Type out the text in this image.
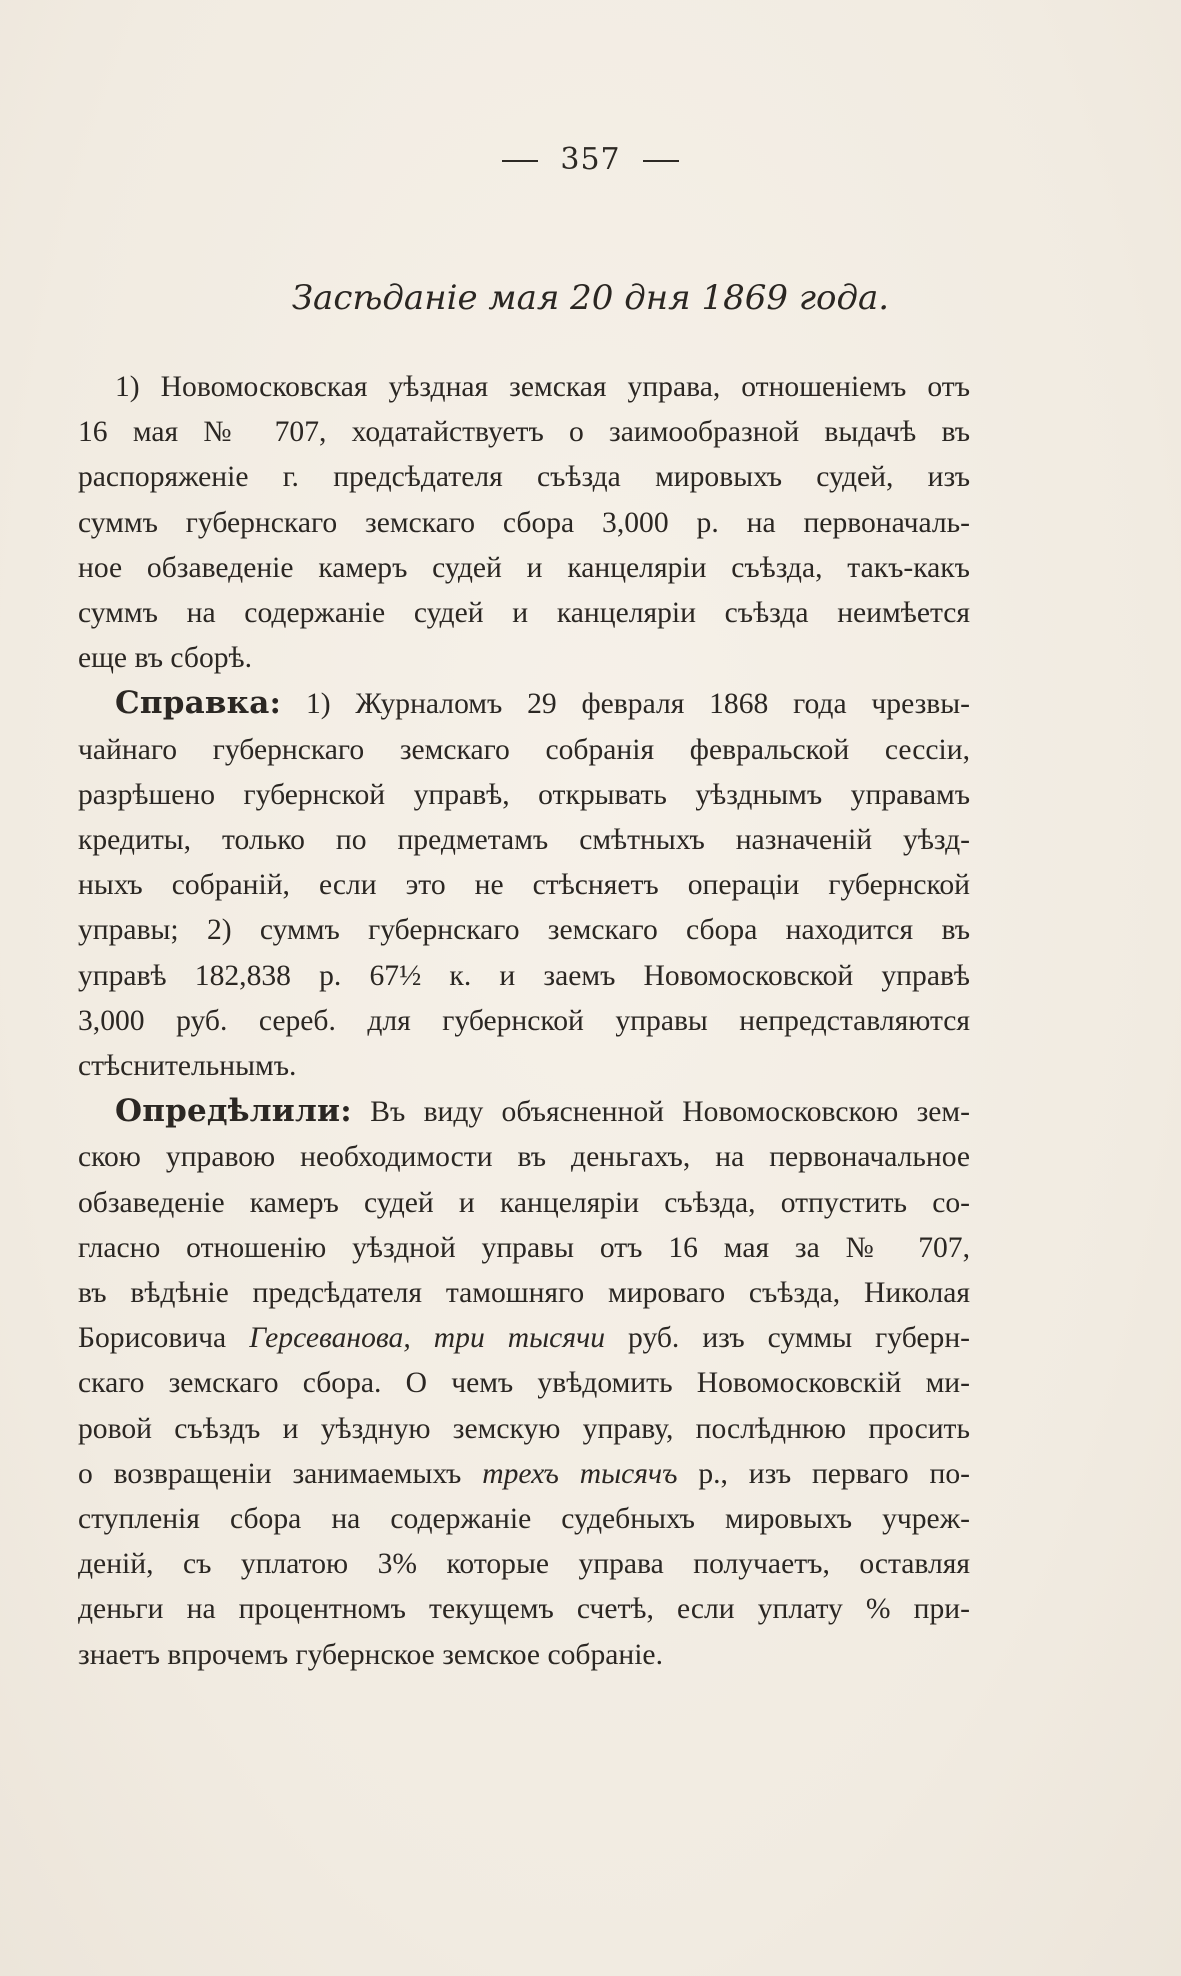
357
Засѣданіе мая 20 дня 1869 года.
1) Новомосковская уѣздная земская управа, отношеніемъ отъ
16 мая № 707, ходатайствуетъ о заимообразной выдачѣ въ
распоряженіе г. предсѣдателя съѣзда мировыхъ судей, изъ
суммъ губернскаго земскаго сбора 3,000 р. на первоначаль-
ное обзаведеніе камеръ судей и канцеляріи съѣзда, такъ-какъ
суммъ на содержаніе судей и канцеляріи съѣзда неимѣется
еще въ сборѣ.
Справка: 1) Журналомъ 29 февраля 1868 года чрезвы-
чайнаго губернскаго земскаго собранія февральской сессіи,
разрѣшено губернской управѣ, открывать уѣзднымъ управамъ
кредиты, только по предметамъ смѣтныхъ назначеній уѣзд-
ныхъ собраній, если это не стѣсняетъ операціи губернской
управы; 2) суммъ губернскаго земскаго сбора находится въ
управѣ 182,838 р. 67½ к. и заемъ Новомосковской управѣ
3,000 руб. сереб. для губернской управы непредставляются
стѣснительнымъ.
Опредѣлили: Въ виду объясненной Новомосковскою зем-
скою управою необходимости въ деньгахъ, на первоначальное
обзаведеніе камеръ судей и канцеляріи съѣзда, отпустить со-
гласно отношенію уѣздной управы отъ 16 мая за № 707,
въ вѣдѣніе предсѣдателя тамошняго мироваго съѣзда, Николая
Борисовича Герсеванова, три тысячи руб. изъ суммы губерн-
скаго земскаго сбора. О чемъ увѣдомить Новомосковскій ми-
ровой съѣздъ и уѣздную земскую управу, послѣднюю просить
о возвращеніи занимаемыхъ трехъ тысячъ р., изъ перваго по-
ступленія сбора на содержаніе судебныхъ мировыхъ учреж-
деній, съ уплатою 3% которые управа получаетъ, оставляя
деньги на процентномъ текущемъ счетѣ, если уплату % при-
знаетъ впрочемъ губернское земское собраніе.
